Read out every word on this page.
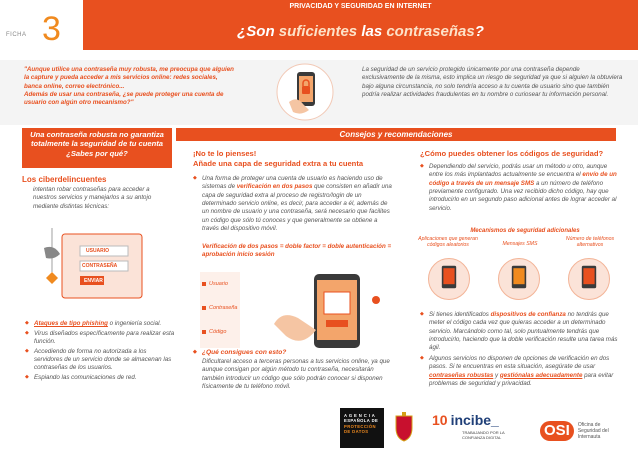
FICHA 3
PRIVACIDAD Y SEGURIDAD EN INTERNET
¿Son suficientes las contraseñas?
"Aunque utilice una contraseña muy robusta, me preocupa que alguien la capture y pueda acceder a mis servicios online: redes sociales, banca online, correo electrónico...
Además de usar una contraseña, ¿se puede proteger una cuenta de usuario con algún otro mecanismo?"
La seguridad de un servicio protegido únicamente por una contraseña depende exclusivamente de la misma, esto implica un riesgo de seguridad ya que si alguien la obtuviera bajo alguna circunstancia, no solo tendría acceso a tu cuenta de usuario sino que también podría realizar actividades fraudulentas en tu nombre o curiosear tu información personal.
Una contraseña robusta no garantiza totalmente la seguridad de tu cuenta ¿Sabes por qué?
Los ciberdelincuentes
intentan robar contraseñas para acceder a nuestros servicios y manejarlos a su antojo mediante distintas técnicas:
USUARIO
CONTRASEÑA
ENVIAR
◆ Ataques de tipo phishing o ingeniería social.
◆ Virus diseñados específicamente para realizar esta función.
◆ Accediendo de forma no autorizada a los servidores de un servicio donde se almacenan las contraseñas de los usuarios.
◆ Espiando las comunicaciones de red.
Consejos y recomendaciones
¡No te lo pienses!
Añade una capa de seguridad extra a tu cuenta
◆ Una forma de proteger una cuenta de usuario es haciendo uso de sistemas de verificación en dos pasos que consisten en añadir una capa de seguridad extra al proceso de registro/login de un determinado servicio online, es decir, para acceder a él, además de un nombre de usuario y una contraseña, será necesario que facilites un código que sólo tú conoces y que generalmente se obtiene a través del dispositivo móvil.
Verificación de dos pasos = doble factor = doble autenticación = aprobación inicio sesión
Usuario
Contraseña
Código
◆ ¿Qué consigues con esto?
Dificultarel acceso a terceras personas a tus servicios online, ya que aunque consigan por algún método tu contraseña, necesitarán también introducir un código que sólo podrán conocer si disponen físicamente de tu teléfono móvil.
¿Cómo puedes obtener los códigos de seguridad?
◆ Dependiendo del servicio, podrás usar un método u otro, aunque entre los más implantados actualmente se encuentra el envío de un código a través de un mensaje SMS a un número de teléfono previamente configurado. Una vez recibido dicho código, hay que introducirlo en un segundo paso adicional antes de lograr acceder al servicio.
Mecanismos de seguridad adicionales
Aplicaciones que generan códigos aleatorios	Mensajes SMS
Número de teléfonos alternativos
◆ Si tienes identificados dispositivos de confianza no tendrás que meter el código cada vez que quieras acceder a un determinado servicio. Marcándolo como tal, solo puntualmente tendrás que introducirlo, haciendo que la doble verificación resulte una tarea más ágil.
◆ Algunos servicios no disponen de opciones de verificación en dos pasos. Si te encuentras en esta situación, asegúrate de usar contraseñas robustas y gestiónalas adecuadamente para evitar problemas de seguridad y privacidad.
A G E N C I A
ESPAÑOLA DE
PROTECCIÓN
DE DATOS
10 incibe_
TRABAJANDO POR LA CONFIANZA DIGITAL	OSI	Oficina de Seguridad del Internauta
